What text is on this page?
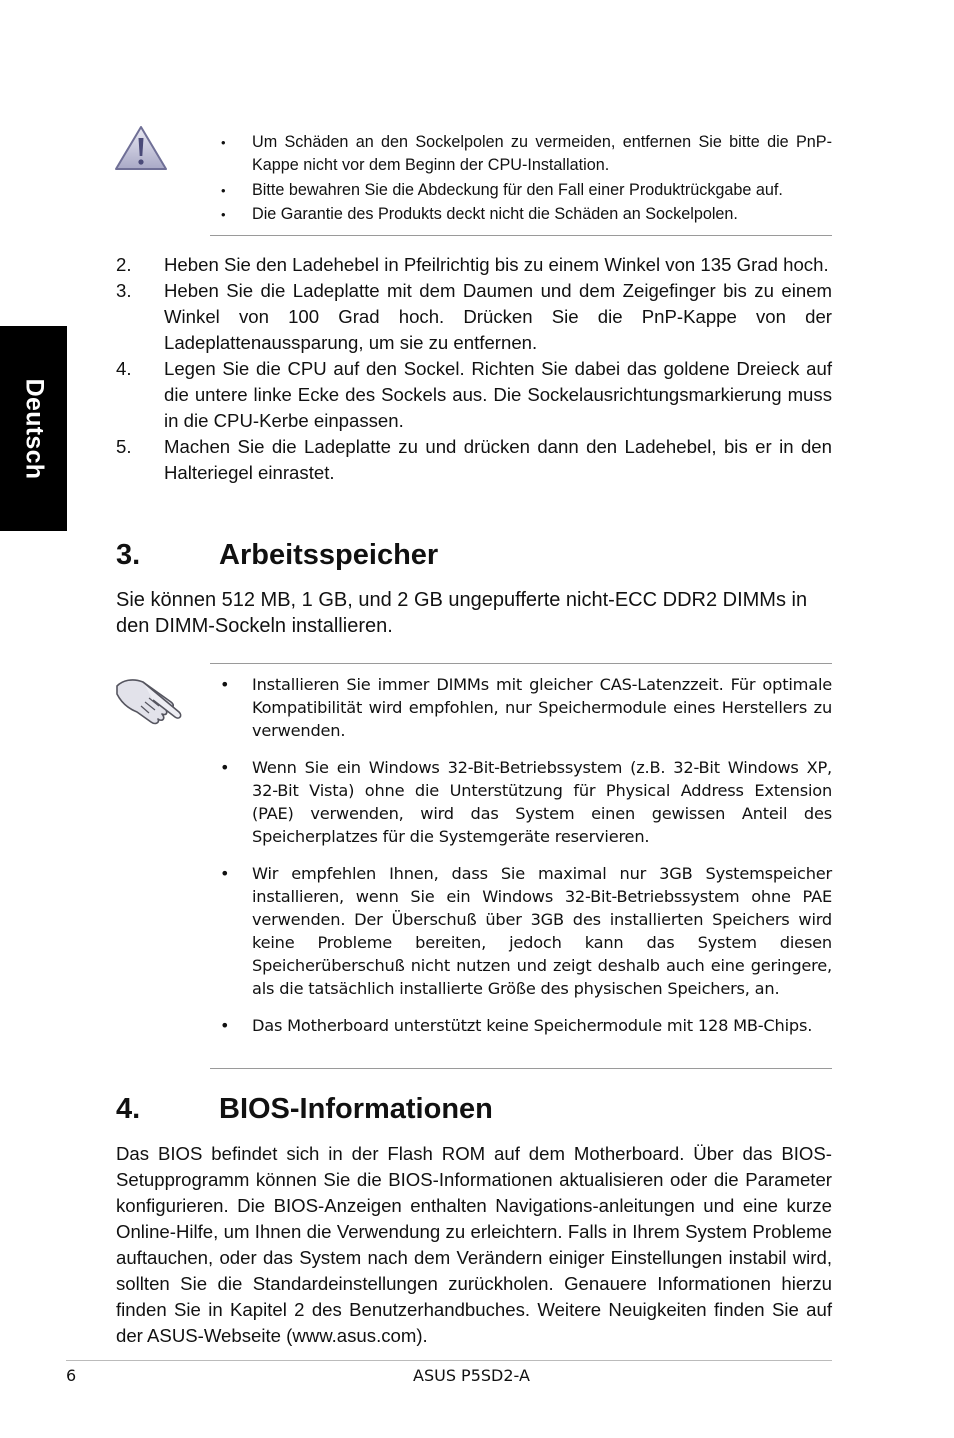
Deutsch
• Um Schäden an den Sockelpolen zu vermeiden, entfernen Sie bitte die PnP-Kappe nicht vor dem Beginn der CPU-Installation.
• Bitte bewahren Sie die Abdeckung für den Fall einer Produktrückgabe auf.
• Die Garantie des Produkts deckt nicht die Schäden an Sockelpolen.
2. Heben Sie den Ladehebel in Pfeilrichtig bis zu einem Winkel von 135 Grad hoch.
3. Heben Sie die Ladeplatte mit dem Daumen und dem Zeigefinger bis zu einem Winkel von 100 Grad hoch. Drücken Sie die PnP-Kappe von der Ladeplattenaussparung, um sie zu entfernen.
4. Legen Sie die CPU auf den Sockel. Richten Sie dabei das goldene Dreieck auf die untere linke Ecke des Sockels aus. Die Sockelausrichtungsmarkierung muss in die CPU-Kerbe einpassen.
5. Machen Sie die Ladeplatte zu und drücken dann den Ladehebel, bis er in den Halteriegel einrastet.
3.	Arbeitsspeicher

Sie können 512 MB, 1 GB, und 2 GB ungepufferte nicht-ECC DDR2 DIMMs in den DIMM-Sockeln installieren.

• Installieren Sie immer DIMMs mit gleicher CAS-Latenzzeit. Für optimale Kompatibilität wird empfohlen, nur Speichermodule eines Herstellers zu verwenden.
• Wenn Sie ein Windows 32-Bit-Betriebssystem (z.B. 32-Bit Windows XP, 32-Bit Vista) ohne die Unterstützung für Physical Address Extension (PAE) verwenden, wird das System einen gewissen Anteil des Speicherplatzes für die Systemgeräte reservieren.
• Wir empfehlen Ihnen, dass Sie maximal nur 3GB Systemspeicher installieren, wenn Sie ein Windows 32-Bit-Betriebssystem ohne PAE verwenden. Der Überschuß über 3GB des installierten Speichers wird keine Probleme bereiten, jedoch kann das System diesen Speicherüberschuß nicht nutzen und zeigt deshalb auch eine geringere, als die tatsächlich installierte Größe des physischen Speichers, an.
• Das Motherboard unterstützt keine Speichermodule mit 128 MB-Chips.
4.	BIOS-Informationen

Das BIOS befindet sich in der Flash ROM auf dem Motherboard. Über das BIOS-Setupprogramm können Sie die BIOS-Informationen aktualisieren oder die Parameter konfigurieren. Die BIOS-Anzeigen enthalten Navigations-anleitungen und eine kurze Online-Hilfe, um Ihnen die Verwendung zu erleichtern. Falls in Ihrem System Probleme auftauchen, oder das System nach dem Verändern einiger Einstellungen instabil wird, sollten Sie die Standardeinstellungen zurückholen. Genauere Informationen hierzu finden Sie in Kapitel 2 des Benutzerhandbuches. Weitere Neuigkeiten finden Sie auf der ASUS-Webseite (www.asus.com).

6	ASUS P5SD2-A
